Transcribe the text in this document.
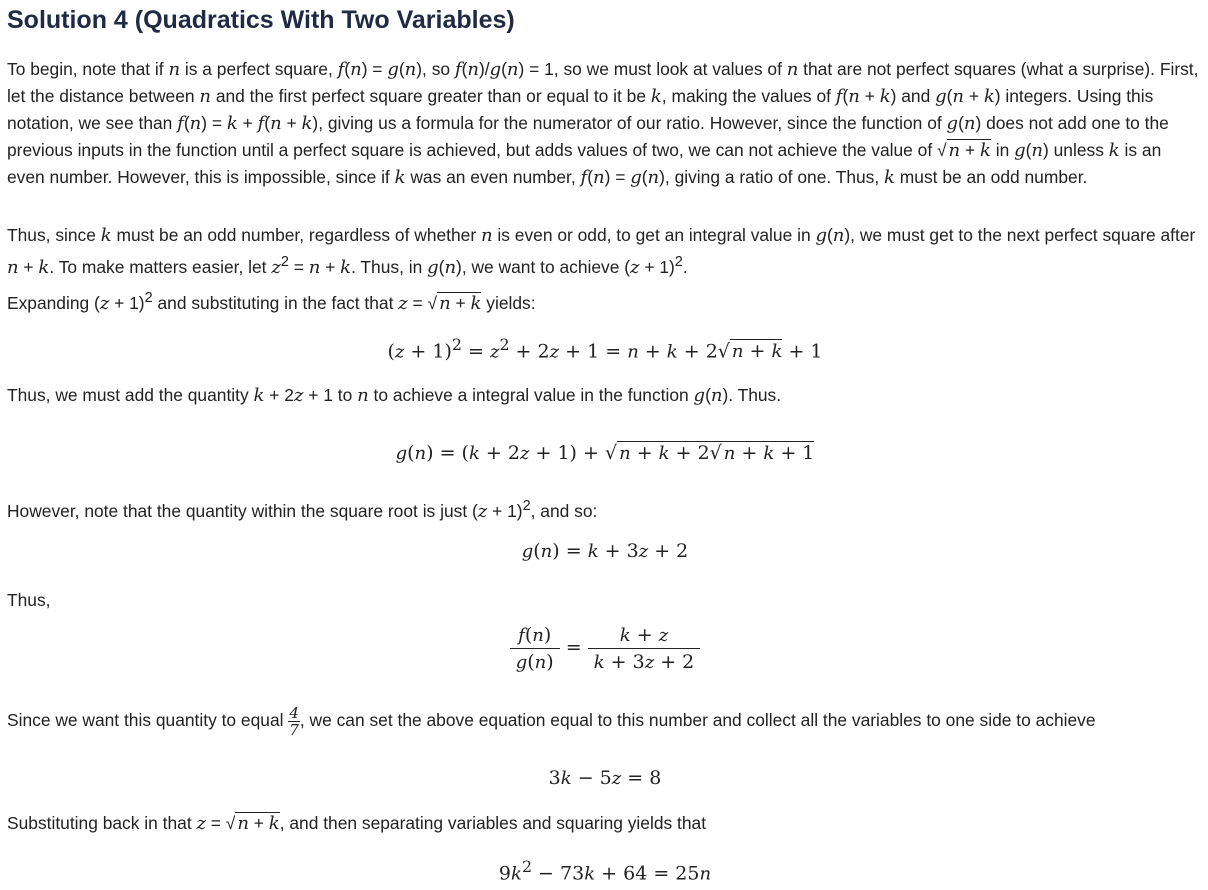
Solution 4 (Quadratics With Two Variables)

To begin, note that if n is a perfect square, f(n) = g(n), so f(n)/g(n) = 1, so we must look at values of n that are not perfect squares (what a surprise). First, let the distance between n and the first perfect square greater than or equal to it be k, making the values of f(n + k) and g(n + k) integers. Using this notation, we see than f(n) = k + f(n + k), giving us a formula for the numerator of our ratio. However, since the function of g(n) does not add one to the previous inputs in the function until a perfect square is achieved, but adds values of two, we can not achieve the value of √ n + k in g(n) unless k is an even number. However, this is impossible, since if k was an even number, f(n) = g(n), giving a ratio of one. Thus, k must be an odd number.

Thus, since k must be an odd number, regardless of whether n is even or odd, to get an integral value in g(n), we must get to the next perfect square after n + k. To make matters easier, let $z^2 = n + k$. Thus, in g(n), we want to achieve $(z + 1)^2$.

Expanding $(z + 1)^2$ and substituting in the fact that z = √ n + k yields:

$(z + 1)^2 = z^2 + 2z + 1 = n + k + 2√$ n + k + 1

Thus, we must add the quantity k + 2z + 1 to n to achieve a integral value in the function g(n). Thus.

g(n) = (k + 2z + 1) + √ n + k + 2√ n + k + 1

However, note that the quantity within the square root is just $(z + 1)^2$, and so:

g(n) = k + 3z + 2

Thus,

$\frac{f(n)}{g(n)} = \frac{k + z}{k + 3z + 2}$

Since we want this quantity to equal $\frac{4}{7}$ , we can set the above equation equal to this number and collect all the variables to one side to achieve

3k − 5z = 8

Substituting back in that z = √ n + k, and then separating variables and squaring yields that

$9k^2 - 73k + 64 = 25n$
